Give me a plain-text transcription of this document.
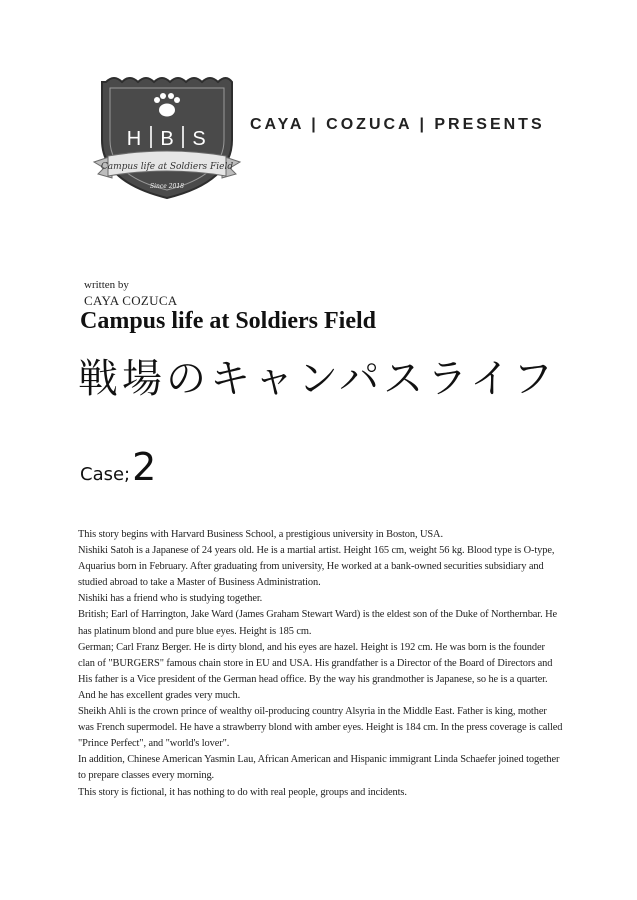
H B S
Campus life at Soldiers Field
Since 2018
CAYA | COZUCA | PRESENTS
written by
CAYA COZUCA
Campus life at Soldiers Field
戦場のキャンパスライフ
Case;2

This story begins with Harvard Business School, a prestigious university in Boston, USA.

Nishiki Satoh is a Japanese of 24 years old. He is a martial artist. Height 165 cm, weight 56 kg. Blood type is O-type, Aquarius born in February. After graduating from university, He worked at a bank-owned securities subsidiary and studied abroad to take a Master of Business Administration.

Nishiki has a friend who is studying together.

British; Earl of Harrington, Jake Ward (James Graham Stewart Ward) is the eldest son of the Duke of Northernbar. He has platinum blond and pure blue eyes. Height is 185 cm.

German; Carl Franz Berger. He is dirty blond, and his eyes are hazel. Height is 192 cm. He was born is the founder clan of "BURGERS" famous chain store in EU and USA. His grandfather is a Director of the Board of Directors and His father is a Vice president of the German head office. By the way his grandmother is Japanese, so he is a quarter. And he has excellent grades very much.

Sheikh Ahli is the crown prince of wealthy oil-producing country Alsyria in the Middle East. Father is king, mother was French supermodel. He have a strawberry blond with amber eyes. Height is 184 cm. In the press coverage is called "Prince Perfect", and "world's lover".

In addition, Chinese American Yasmin Lau, African American and Hispanic immigrant Linda Schaefer joined together to prepare classes every morning.

This story is fictional, it has nothing to do with real people, groups and incidents.
